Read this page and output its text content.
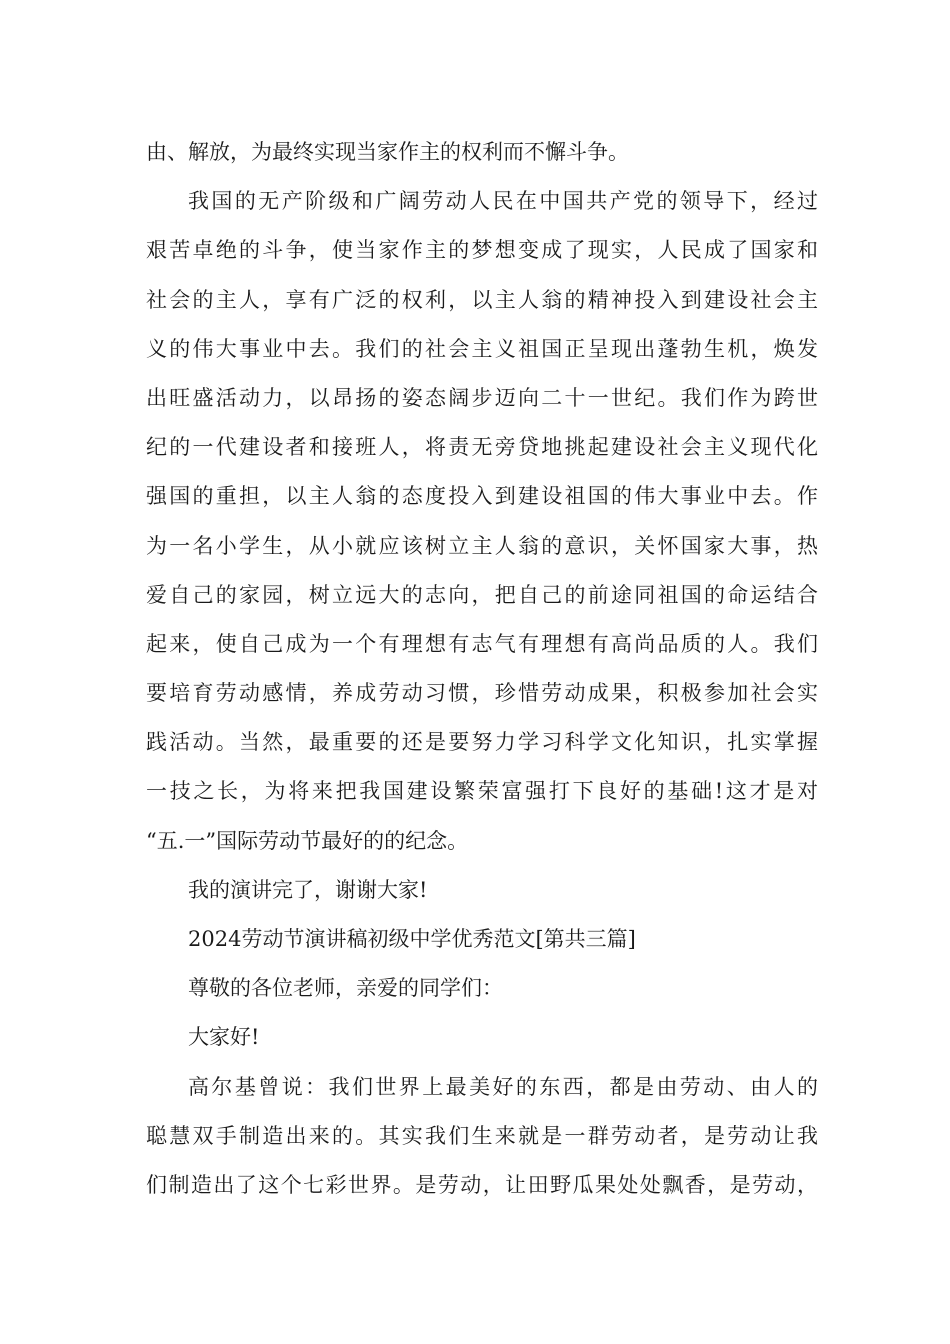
由、解放，为最终实现当家作主的权利而不懈斗争。
我国的无产阶级和广阔劳动人民在中国共产党的领导下，经过
艰苦卓绝的斗争，使当家作主的梦想变成了现实，人民成了国家和
社会的主人，享有广泛的权利，以主人翁的精神投入到建设社会主
义的伟大事业中去。我们的社会主义祖国正呈现出蓬勃生机，焕发
出旺盛活动力，以昂扬的姿态阔步迈向二十一世纪。我们作为跨世
纪的一代建设者和接班人，将责无旁贷地挑起建设社会主义现代化
强国的重担，以主人翁的态度投入到建设祖国的伟大事业中去。作
为一名小学生，从小就应该树立主人翁的意识，关怀国家大事，热
爱自己的家园，树立远大的志向，把自己的前途同祖国的命运结合
起来，使自己成为一个有理想有志气有理想有高尚品质的人。我们
要培育劳动感情，养成劳动习惯，珍惜劳动成果，积极参加社会实
践活动。当然，最重要的还是要努力学习科学文化知识，扎实掌握
一技之长，为将来把我国建设繁荣富强打下良好的基础!这才是对
“五.一”国际劳动节最好的的纪念。
我的演讲完了，谢谢大家!
2024劳动节演讲稿初级中学优秀范文[第共三篇]
尊敬的各位老师，亲爱的同学们：
大家好!
高尔基曾说：我们世界上最美好的东西，都是由劳动、由人的
聪慧双手制造出来的。其实我们生来就是一群劳动者，是劳动让我
们制造出了这个七彩世界。是劳动，让田野瓜果处处飘香，是劳动，
